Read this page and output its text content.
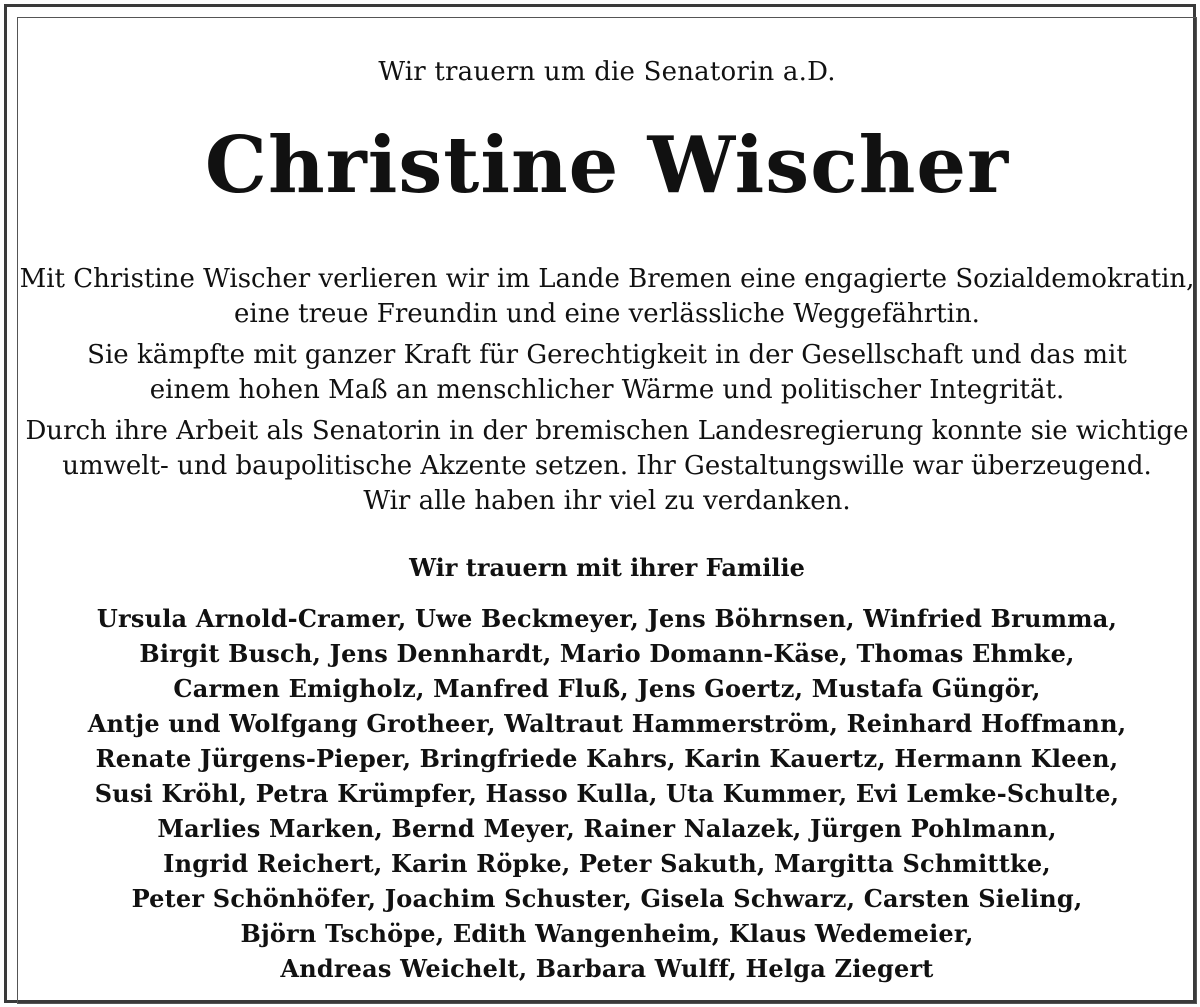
Wir trauern um die Senatorin a.D.
Christine Wischer

Mit Christine Wischer verlieren wir im Lande Bremen eine engagierte Sozialdemokratin,
eine treue Freundin und eine verlässliche Weggefährtin.

Sie kämpfte mit ganzer Kraft für Gerechtigkeit in der Gesellschaft und das mit
einem hohen Maß an menschlicher Wärme und politischer Integrität.

Durch ihre Arbeit als Senatorin in der bremischen Landesregierung konnte sie wichtige
umwelt- und baupolitische Akzente setzen. Ihr Gestaltungswille war überzeugend.
Wir alle haben ihr viel zu verdanken.

Wir trauern mit ihrer Familie
Ursula Arnold-Cramer, Uwe Beckmeyer, Jens Böhrnsen, Winfried Brumma,
Birgit Busch, Jens Dennhardt, Mario Domann-Käse, Thomas Ehmke,
Carmen Emigholz, Manfred Fluß, Jens Goertz, Mustafa Güngör,
Antje und Wolfgang Grotheer, Waltraut Hammerström, Reinhard Hoffmann,
Renate Jürgens-Pieper, Bringfriede Kahrs, Karin Kauertz, Hermann Kleen,
Susi Kröhl, Petra Krümpfer, Hasso Kulla, Uta Kummer, Evi Lemke-Schulte,
Marlies Marken, Bernd Meyer, Rainer Nalazek, Jürgen Pohlmann,
Ingrid Reichert, Karin Röpke, Peter Sakuth, Margitta Schmittke,
Peter Schönhöfer, Joachim Schuster, Gisela Schwarz, Carsten Sieling,
Björn Tschöpe, Edith Wangenheim, Klaus Wedemeier,
Andreas Weichelt, Barbara Wulff, Helga Ziegert
